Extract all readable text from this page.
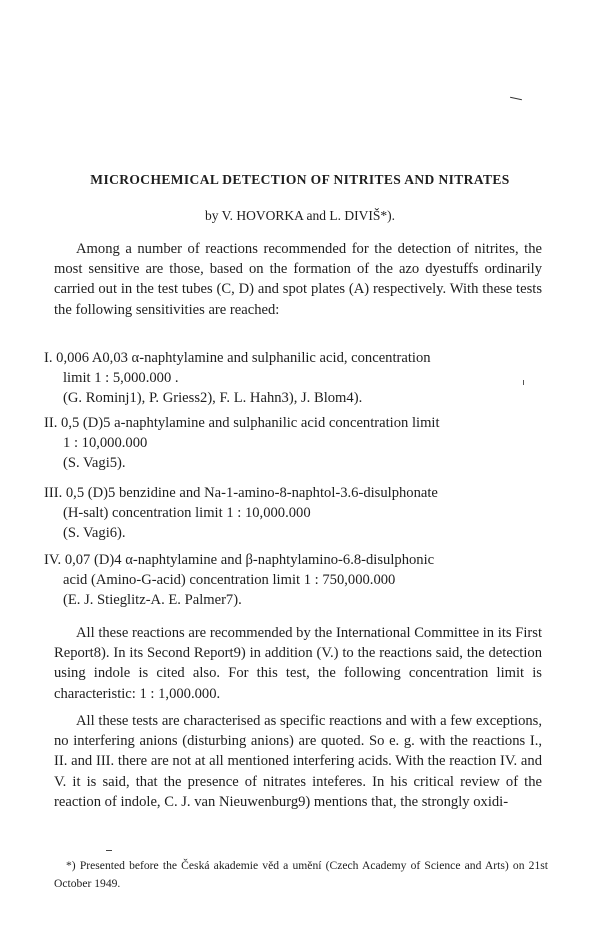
MICROCHEMICAL DETECTION OF NITRITES AND NITRATES
by V. HOVORKA and L. DIVIŠ*).
Among a number of reactions recommended for the detection of nitrites, the most sensitive are those, based on the formation of the azo dyestuffs ordinarily carried out in the test tubes (C, D) and spot plates (A) respectively. With these tests the following sensitivities are reached:
I. 0,006 A0,03 α-naphtylamine and sulphanilic acid, concentration
limit 1 : 5,000.000 .
(G. Rominj1), P. Griess2), F. L. Hahn3), J. Blom4).
II. 0,5 (D)5 a-naphtylamine and sulphanilic acid concentration limit
1 : 10,000.000
(S. Vagi5).
III. 0,5 (D)5 benzidine and Na-1-amino-8-naphtol-3.6-disulphonate
(H-salt) concentration limit 1 : 10,000.000
(S. Vagi6).
IV. 0,07 (D)4 α-naphtylamine and β-naphtylamino-6.8-disulphonic
acid (Amino-G-acid) concentration limit 1 : 750,000.000
(E. J. Stieglitz-A. E. Palmer7).
All these reactions are recommended by the International Committee in its First Report8). In its Second Report9) in addition (V.) to the reactions said, the detection using indole is cited also. For this test, the following concentration limit is characteristic: 1 : 1,000.000.
All these tests are characterised as specific reactions and with a few exceptions, no interfering anions (disturbing anions) are quoted. So e. g. with the reactions I., II. and III. there are not at all mentioned interfering acids. With the reaction IV. and V. it is said, that the presence of nitrates inteferes. In his critical review of the reaction of indole, C. J. van Nieuwenburg9) mentions that, the strongly oxidi-
*) Presented before the Česká akademie věd a umění (Czech Academy of Science and Arts) on 21st October 1949.
